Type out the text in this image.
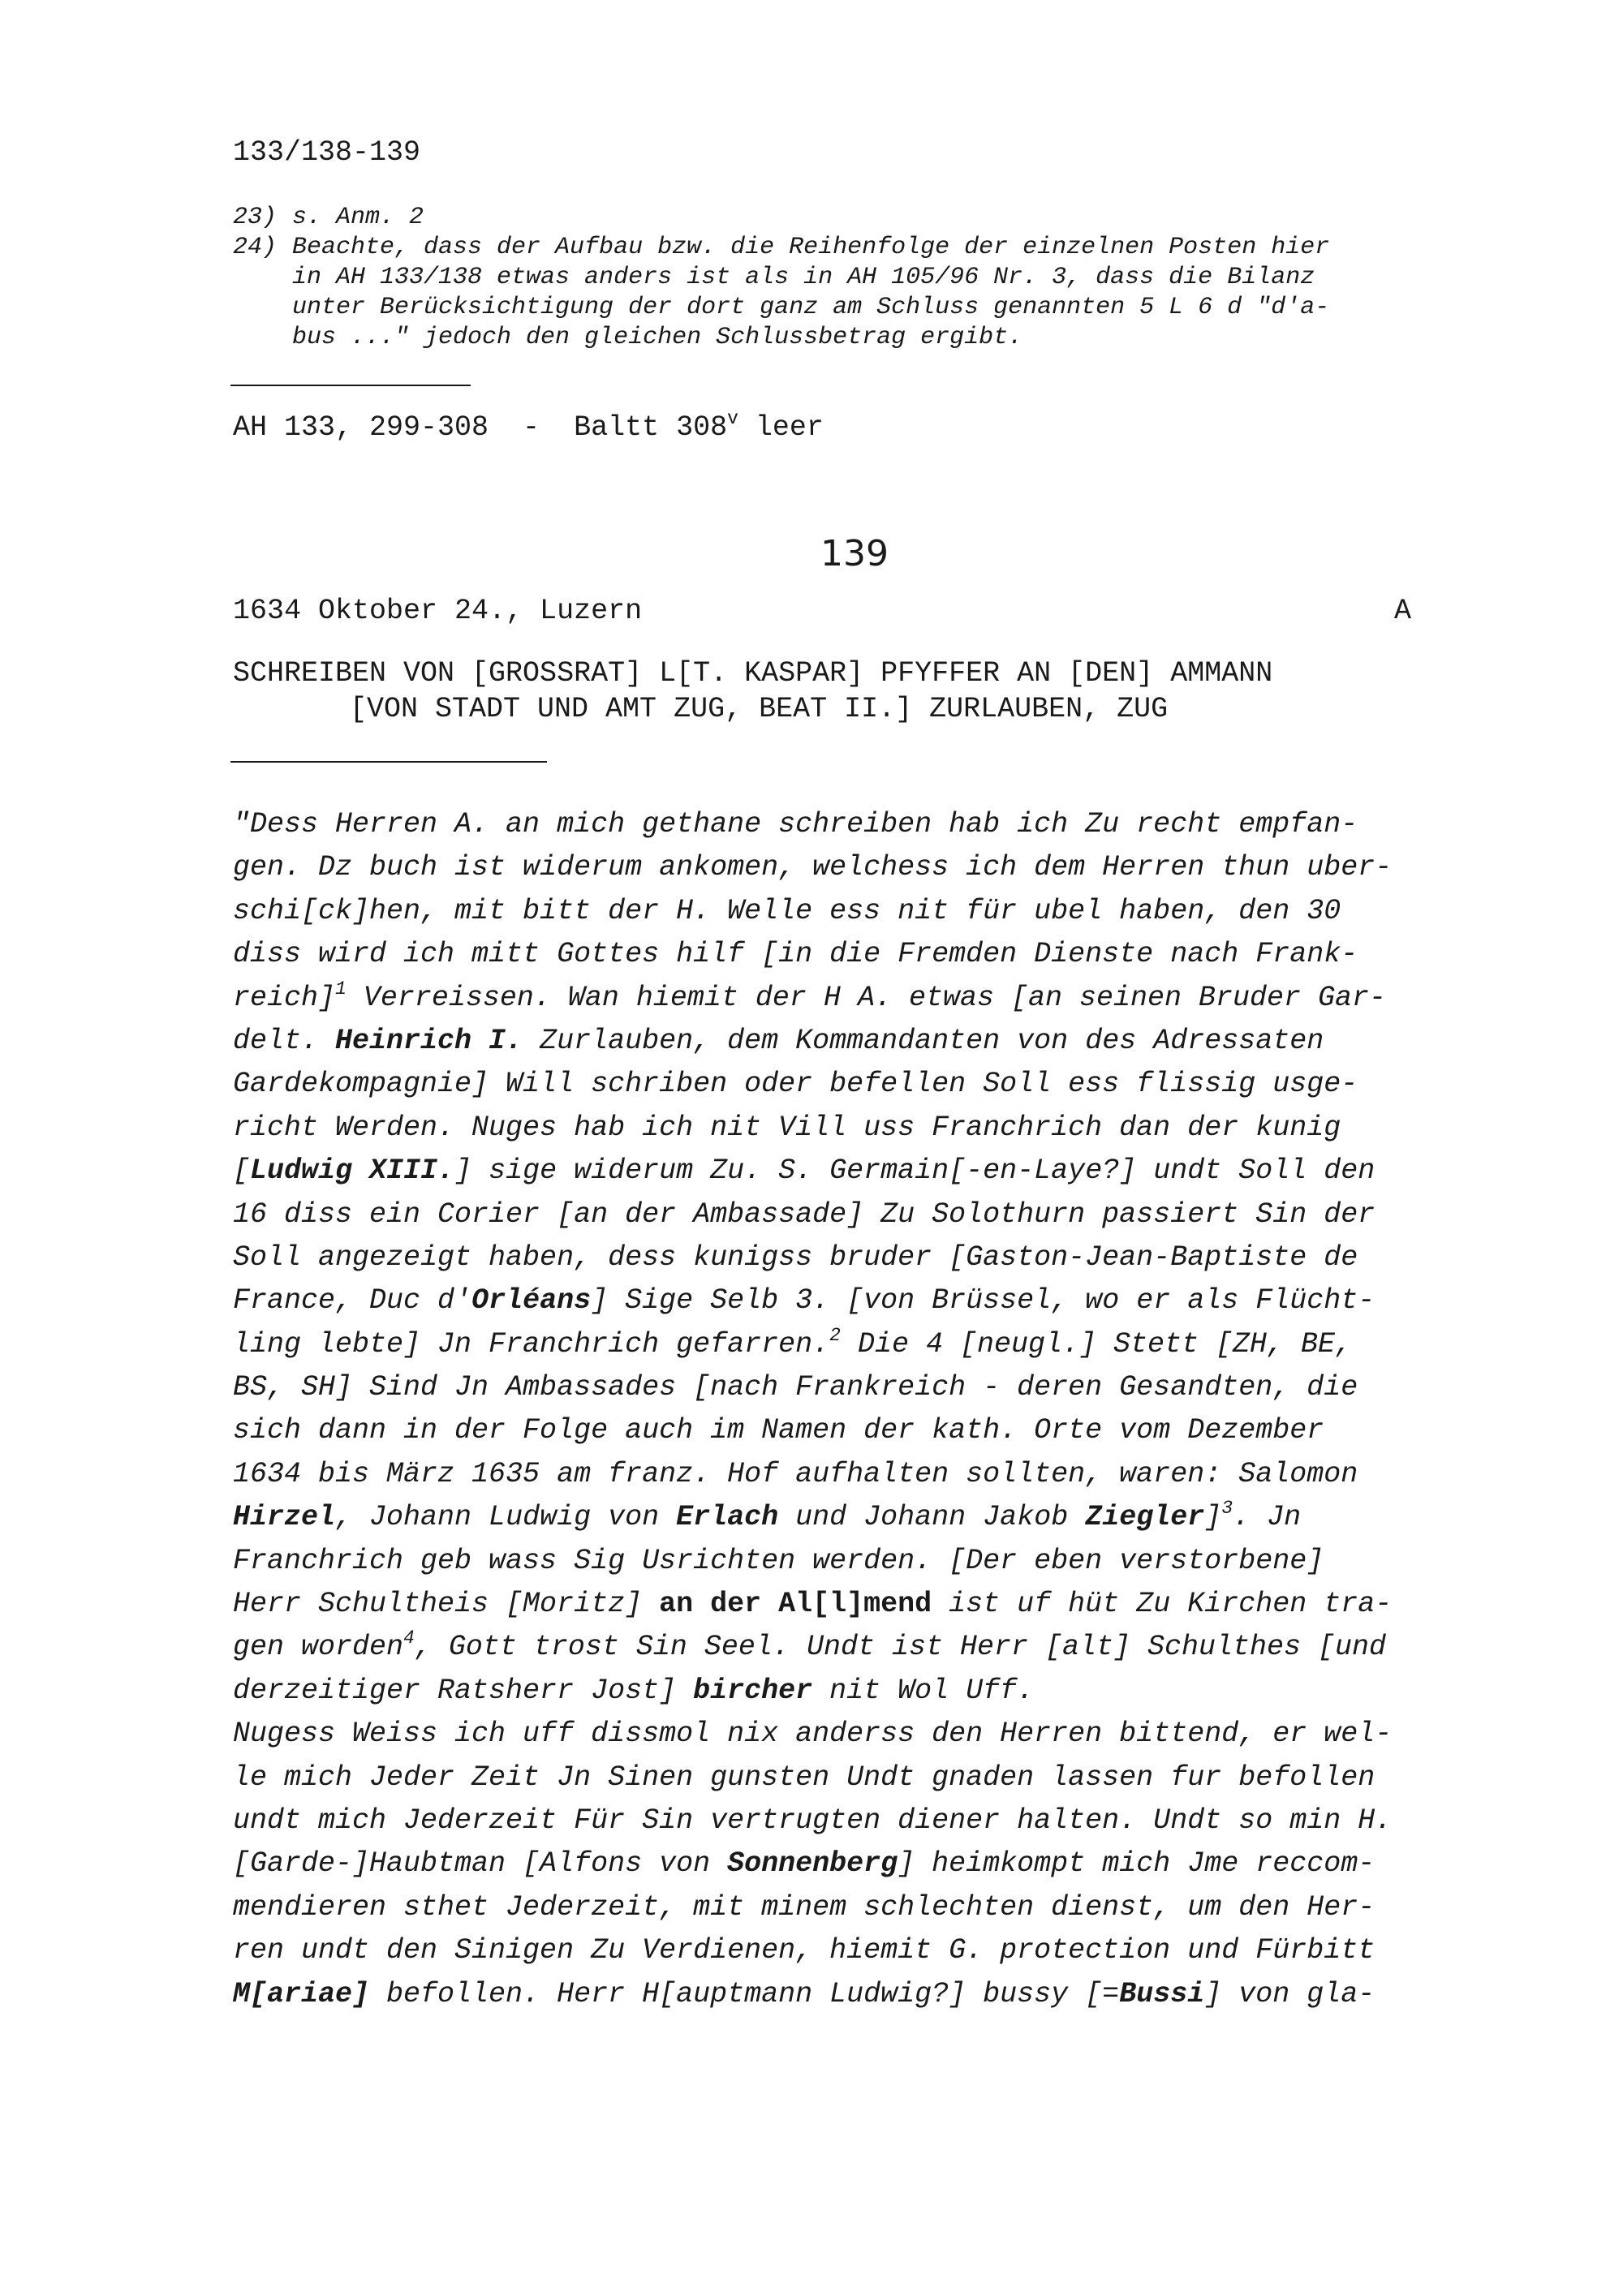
133/138-139
23) s. Anm. 2
24) Beachte, dass der Aufbau bzw. die Reihenfolge der einzelnen Posten hier
in AH 133/138 etwas anders ist als in AH 105/96 Nr. 3, dass die Bilanz
unter Berücksichtigung der dort ganz am Schluss genannten 5 L 6 d "d'a-
bus ..." jedoch den gleichen Schlussbetrag ergibt.
AH 133, 299-308  -  Baltt 308$^v$ leer
139
1634 Oktober 24., Luzern	A
SCHREIBEN VON [GROSSRAT] L[T. KASPAR] PFYFFER AN [DEN] AMMANN
[VON STADT UND AMT ZUG, BEAT II.] ZURLAUBEN, ZUG
"Dess Herren A. an mich gethane schreiben hab ich Zu recht empfan-
gen. Dz buch ist widerum ankomen, welchess ich dem Herren thun uber-
schi[ck]hen, mit bitt der H. Welle ess nit für ubel haben, den 30
diss wird ich mitt Gottes hilf [in die Fremden Dienste nach Frank-
reich]$^1$ Verreissen. Wan hiemit der H A. etwas [an seinen Bruder Gar-
delt. Heinrich I. Zurlauben, dem Kommandanten von des Adressaten
Gardekompagnie] Will schriben oder befellen Soll ess flissig usge-
richt Werden. Nuges hab ich nit Vill uss Franchrich dan der kunig
[Ludwig XIII.] sige widerum Zu. S. Germain[-en-Laye?] undt Soll den
16 diss ein Corier [an der Ambassade] Zu Solothurn passiert Sin der
Soll angezeigt haben, dess kunigss bruder [Gaston-Jean-Baptiste de
France, Duc d'Orléans] Sige Selb 3. [von Brüssel, wo er als Flücht-
ling lebte] Jn Franchrich gefarren.$^2$ Die 4 [neugl.] Stett [ZH, BE,
BS, SH] Sind Jn Ambassades [nach Frankreich - deren Gesandten, die
sich dann in der Folge auch im Namen der kath. Orte vom Dezember
1634 bis März 1635 am franz. Hof aufhalten sollten, waren: Salomon
Hirzel, Johann Ludwig von Erlach und Johann Jakob Ziegler]$^3$. Jn
Franchrich geb wass Sig Usrichten werden. [Der eben verstorbene]
Herr Schultheis [Moritz] an der Al[l]mend ist uf hüt Zu Kirchen tra-
gen worden$^4$, Gott trost Sin Seel. Undt ist Herr [alt] Schulthes [und
derzeitiger Ratsherr Jost] bircher nit Wol Uff.
Nugess Weiss ich uff dissmol nix anderss den Herren bittend, er wel-
le mich Jeder Zeit Jn Sinen gunsten Undt gnaden lassen fur befollen
undt mich Jederzeit Für Sin vertrugten diener halten. Undt so min H.
[Garde-]Haubtman [Alfons von Sonnenberg] heimkompt mich Jme reccom-
mendieren sthet Jederzeit, mit minem schlechten dienst, um den Her-
ren undt den Sinigen Zu Verdienen, hiemit G. protection und Fürbitt
M[ariae] befollen. Herr H[auptmann Ludwig?] bussy [=Bussi] von gla-
